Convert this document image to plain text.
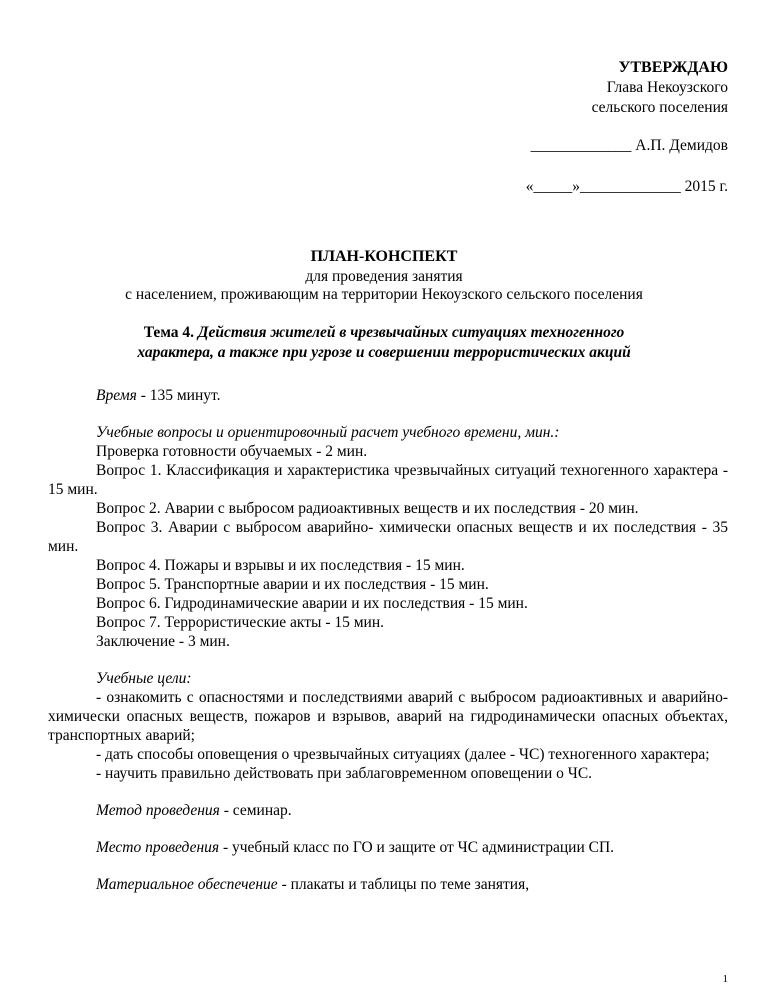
УТВЕРЖДАЮ
Глава Некоузского
сельского поселения
_____________ А.П. Демидов
«_____»_____________ 2015 г.
ПЛАН-КОНСПЕКТ
для проведения занятия
с населением, проживающим на территории Некоузского сельского поселения
Тема 4. Действия жителей в чрезвычайных ситуациях техногенного
характера, а также при угрозе и совершении террористических акций
Время - 135 минут.
Учебные вопросы и ориентировочный расчет учебного времени, мин.:
Проверка готовности обучаемых - 2 мин.
Вопрос 1. Классификация и характеристика чрезвычайных ситуаций техногенного характера - 15 мин.
Вопрос 2. Аварии с выбросом радиоактивных веществ и их последствия - 20 мин.
Вопрос 3. Аварии с выбросом аварийно- химически опасных веществ и их последствия - 35 мин.
Вопрос 4. Пожары и взрывы и их последствия - 15 мин.
Вопрос 5. Транспортные аварии и их последствия - 15 мин.
Вопрос 6. Гидродинамические аварии и их последствия - 15 мин.
Вопрос 7. Террористические акты - 15 мин.
Заключение - 3 мин.
Учебные цели:
- ознакомить с опасностями и последствиями аварий с выбросом радиоактивных и аварийно- химически опасных веществ, пожаров и взрывов, аварий на гидродинамически опасных объектах, транспортных аварий;
- дать способы оповещения о чрезвычайных ситуациях (далее - ЧС) техногенного характера;
- научить правильно действовать при заблаговременном оповещении о ЧС.
Метод проведения - семинар.
Место проведения - учебный класс по ГО и защите от ЧС администрации СП.
Материальное обеспечение - плакаты и таблицы по теме занятия,
1
